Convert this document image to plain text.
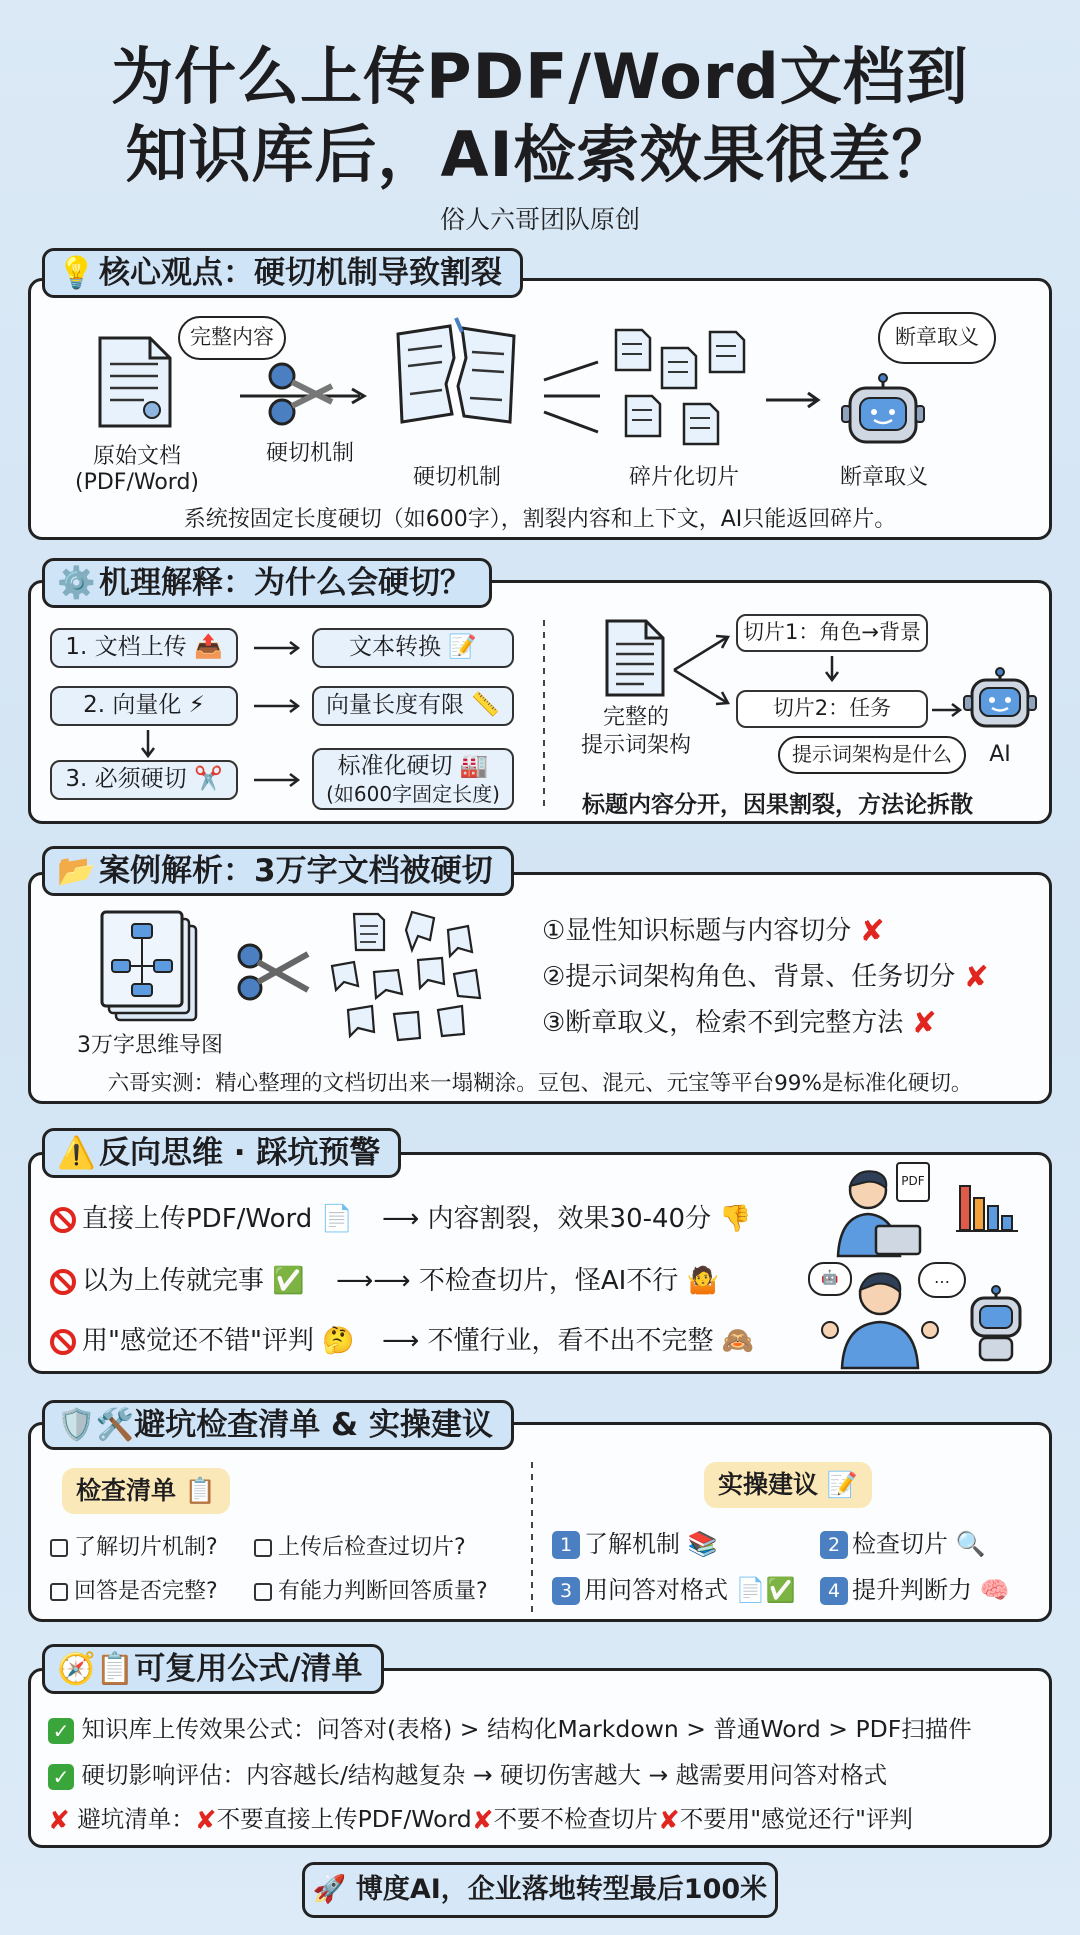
为什么上传PDF/Word文档到
知识库后，AI检索效果很差？
俗人六哥团队原创
💡 核心观点：硬切机制导致割裂
完整内容
原始文档
(PDF/Word)
硬切机制
硬切机制	碎片化切片
断章取义
断章取义
系统按固定长度硬切（如600字），割裂内容和上下文，AI只能返回碎片。
⚙️ 机理解释：为什么会硬切？
1. 文档上传 📤
2. 向量化 ⚡
3. 必须硬切 ✂️
文本转换 📝
向量长度有限 📏
标准化硬切 🏭
(如600字固定长度)
完整的
提示词架构
切片1：角色→背景
切片2：任务
AI
提示词架构是什么
标题内容分开，因果割裂，方法论拆散
📂 案例解析：3万字文档被硬切
3万字思维导图
①显性知识标题与内容切分 ✘
②提示词架构角色、背景、任务切分 ✘
③断章取义，检索不到完整方法 ✘
六哥实测：精心整理的文档切出来一塌糊涂。豆包、混元、元宝等平台99%是标准化硬切。
⚠️ 反向思维 · 踩坑预警
直接上传PDF/Word 📄 ⟶ 内容割裂，效果30-40分 👎
以为上传就完事 ✅ ⟶⟶ 不检查切片，怪AI不行 🤷
用"感觉还不错"评判 🤔 ⟶ 不懂行业，看不出不完整 🙈
PDF
🤖	…
🛡️🛠️避坑检查清单 & 实操建议
检查清单 📋
了解切片机制?	上传后检查过切片?
回答是否完整?	有能力判断回答质量?
实操建议 📝
1 了解机制 📚	2 检查切片 🔍
3 用问答对格式 📄✅	4 提升判断力 🧠
🧭📋可复用公式/清单
✓ 知识库上传效果公式：问答对(表格) > 结构化Markdown > 普通Word > PDF扫描件
✓ 硬切影响评估：内容越长/结构越复杂 → 硬切伤害越大 → 越需要用问答对格式
✘ 避坑清单：✘不要直接上传PDF/Word✘不要不检查切片✘不要用"感觉还行"评判
🚀 博度AI，企业落地转型最后100米
